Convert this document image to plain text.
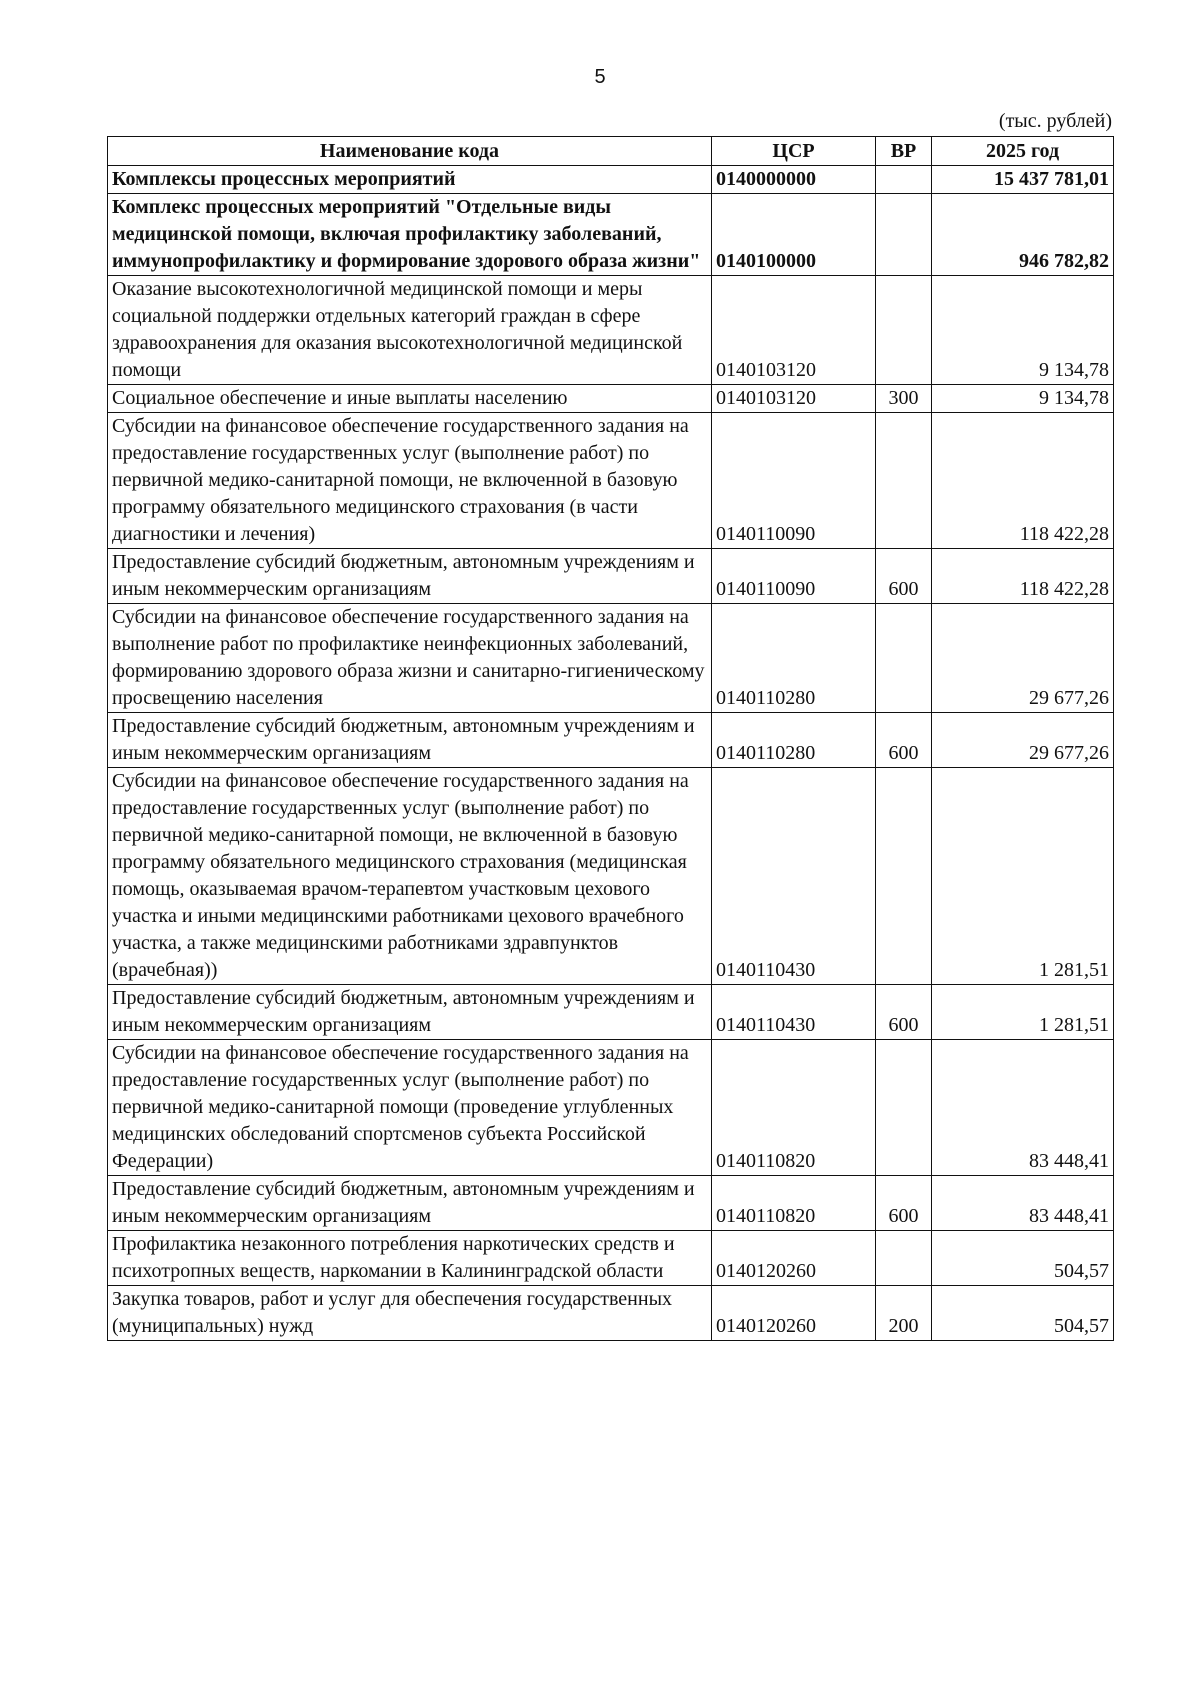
5
(тыс. рублей)
Наименование кода	ЦСР	ВР	2025 год
Комплексы процессных мероприятий	0140000000		15 437 781,01
Комплекс процессных мероприятий "Отдельные виды медицинской помощи, включая профилактику заболеваний, иммунопрофилактику и формирование здорового образа жизни"	0140100000		946 782,82
Оказание высокотехнологичной медицинской помощи и меры социальной поддержки отдельных категорий граждан в сфере здравоохранения для оказания высокотехнологичной медицинской помощи	0140103120		9 134,78
Социальное обеспечение и иные выплаты населению	0140103120	300	9 134,78
Субсидии на финансовое обеспечение государственного задания на предоставление государственных услуг (выполнение работ) по первичной медико-санитарной помощи, не включенной в базовую программу обязательного медицинского страхования (в части диагностики и лечения)	0140110090		118 422,28
Предоставление субсидий бюджетным, автономным учреждениям и иным некоммерческим организациям	0140110090	600	118 422,28
Субсидии на финансовое обеспечение государственного задания на выполнение работ по профилактике неинфекционных заболеваний, формированию здорового образа жизни и санитарно-гигиеническому просвещению населения	0140110280		29 677,26
Предоставление субсидий бюджетным, автономным учреждениям и иным некоммерческим организациям	0140110280	600	29 677,26
Субсидии на финансовое обеспечение государственного задания на предоставление государственных услуг (выполнение работ) по первичной медико-санитарной помощи, не включенной в базовую программу обязательного медицинского страхования (медицинская помощь, оказываемая врачом-терапевтом участковым цехового участка и иными медицинскими работниками цехового врачебного участка, а также медицинскими работниками здравпунктов (врачебная))	0140110430		1 281,51
Предоставление субсидий бюджетным, автономным учреждениям и иным некоммерческим организациям	0140110430	600	1 281,51
Субсидии на финансовое обеспечение государственного задания на предоставление государственных услуг (выполнение работ) по первичной медико-санитарной помощи (проведение углубленных медицинских обследований спортсменов субъекта Российской Федерации)	0140110820		83 448,41
Предоставление субсидий бюджетным, автономным учреждениям и иным некоммерческим организациям	0140110820	600	83 448,41
Профилактика незаконного потребления наркотических средств и психотропных веществ, наркомании в Калининградской области	0140120260		504,57
Закупка товаров, работ и услуг для обеспечения государственных (муниципальных) нужд	0140120260	200	504,57
